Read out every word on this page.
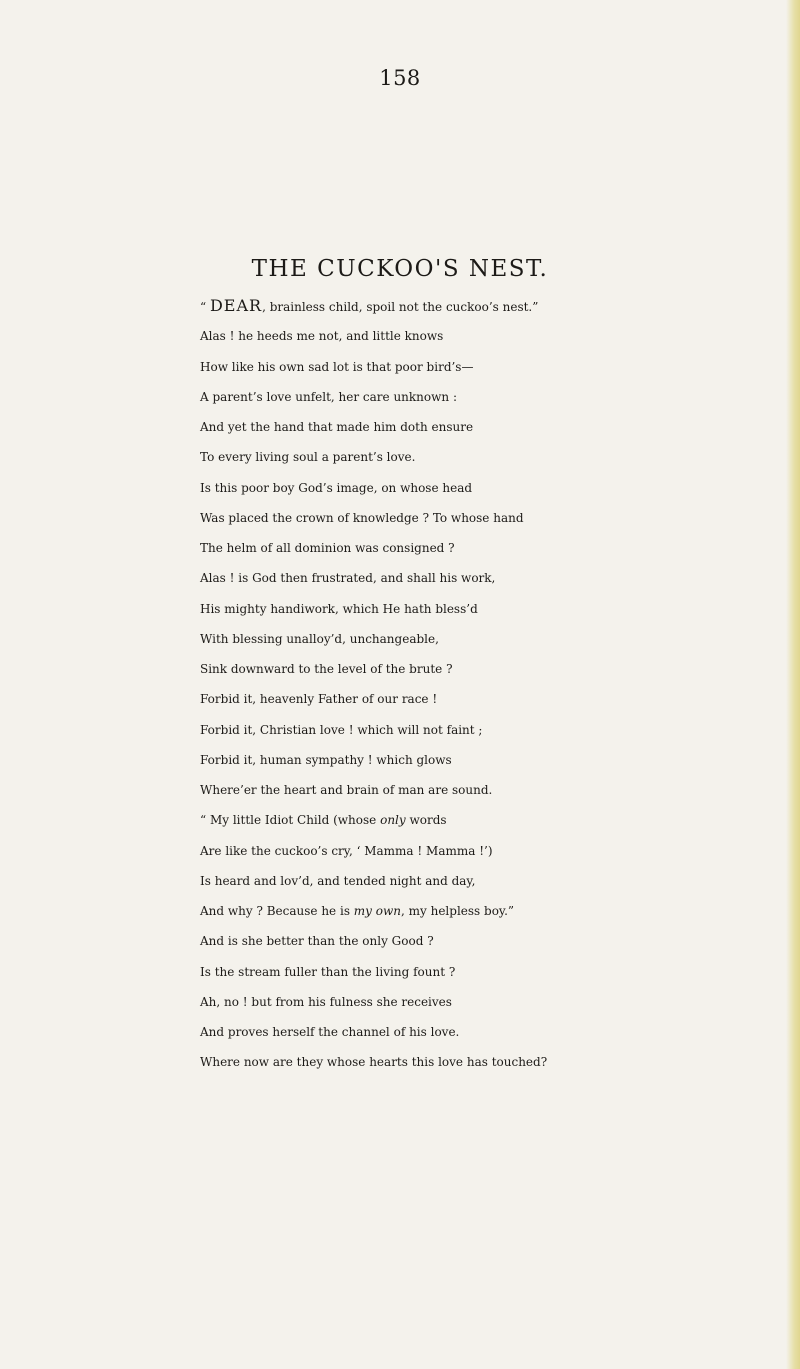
158
THE CUCKOO'S NEST.
“ DEAR, brainless child, spoil not the cuckoo’s nest.”
Alas ! he heeds me not, and little knows
How like his own sad lot is that poor bird’s—
A parent’s love unfelt, her care unknown :
And yet the hand that made him doth ensure
To every living soul a parent’s love.
Is this poor boy God’s image, on whose head
Was placed the crown of knowledge ? To whose hand
The helm of all dominion was consigned ?
Alas ! is God then frustrated, and shall his work,
His mighty handiwork, which He hath bless’d
With blessing unalloy’d, unchangeable,
Sink downward to the level of the brute ?
Forbid it, heavenly Father of our race !
Forbid it, Christian love ! which will not faint ;
Forbid it, human sympathy ! which glows
Where’er the heart and brain of man are sound.
“ My little Idiot Child (whose only words
Are like the cuckoo’s cry, ‘ Mamma ! Mamma !’)
Is heard and lov’d, and tended night and day,
And why ? Because he is my own, my helpless boy.”
And is she better than the only Good ?
Is the stream fuller than the living fount ?
Ah, no ! but from his fulness she receives
And proves herself the channel of his love.
Where now are they whose hearts this love has touched?
